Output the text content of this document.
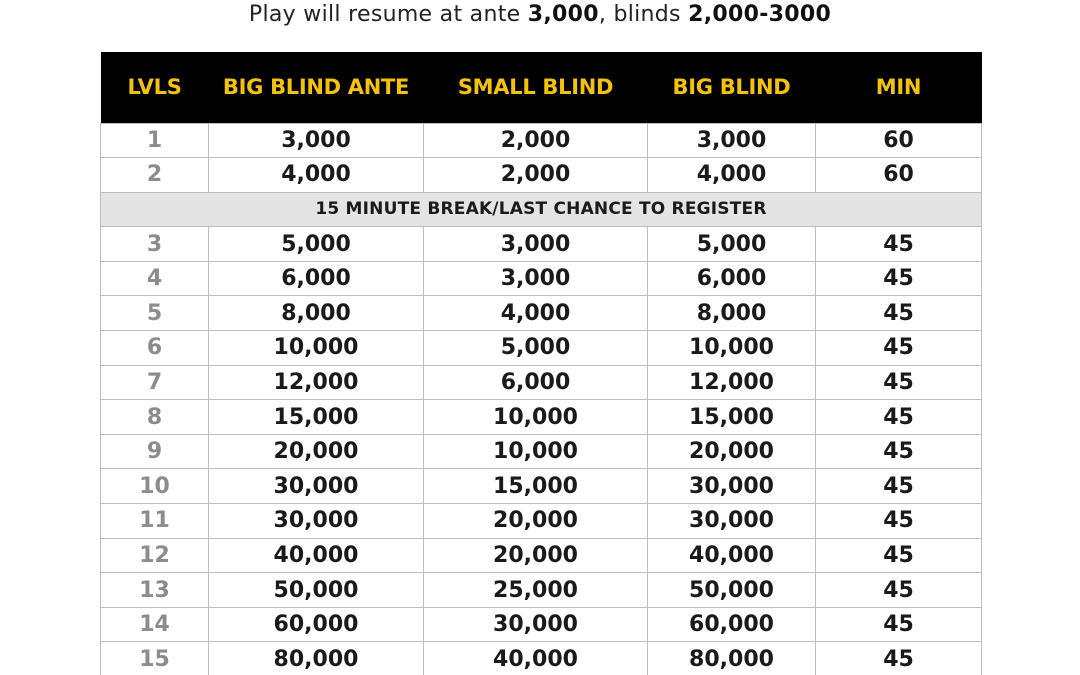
Play will resume at ante 3,000, blinds 2,000-3000
LVLS	BIG BLIND ANTE	SMALL BLIND	BIG BLIND	MIN
1	3,000	2,000	3,000	60
2	4,000	2,000	4,000	60
15 MINUTE BREAK/LAST CHANCE TO REGISTER				
3	5,000	3,000	5,000	45
4	6,000	3,000	6,000	45
5	8,000	4,000	8,000	45
6	10,000	5,000	10,000	45
7	12,000	6,000	12,000	45
8	15,000	10,000	15,000	45
9	20,000	10,000	20,000	45
10	30,000	15,000	30,000	45
11	30,000	20,000	30,000	45
12	40,000	20,000	40,000	45
13	50,000	25,000	50,000	45
14	60,000	30,000	60,000	45
15	80,000	40,000	80,000	45
